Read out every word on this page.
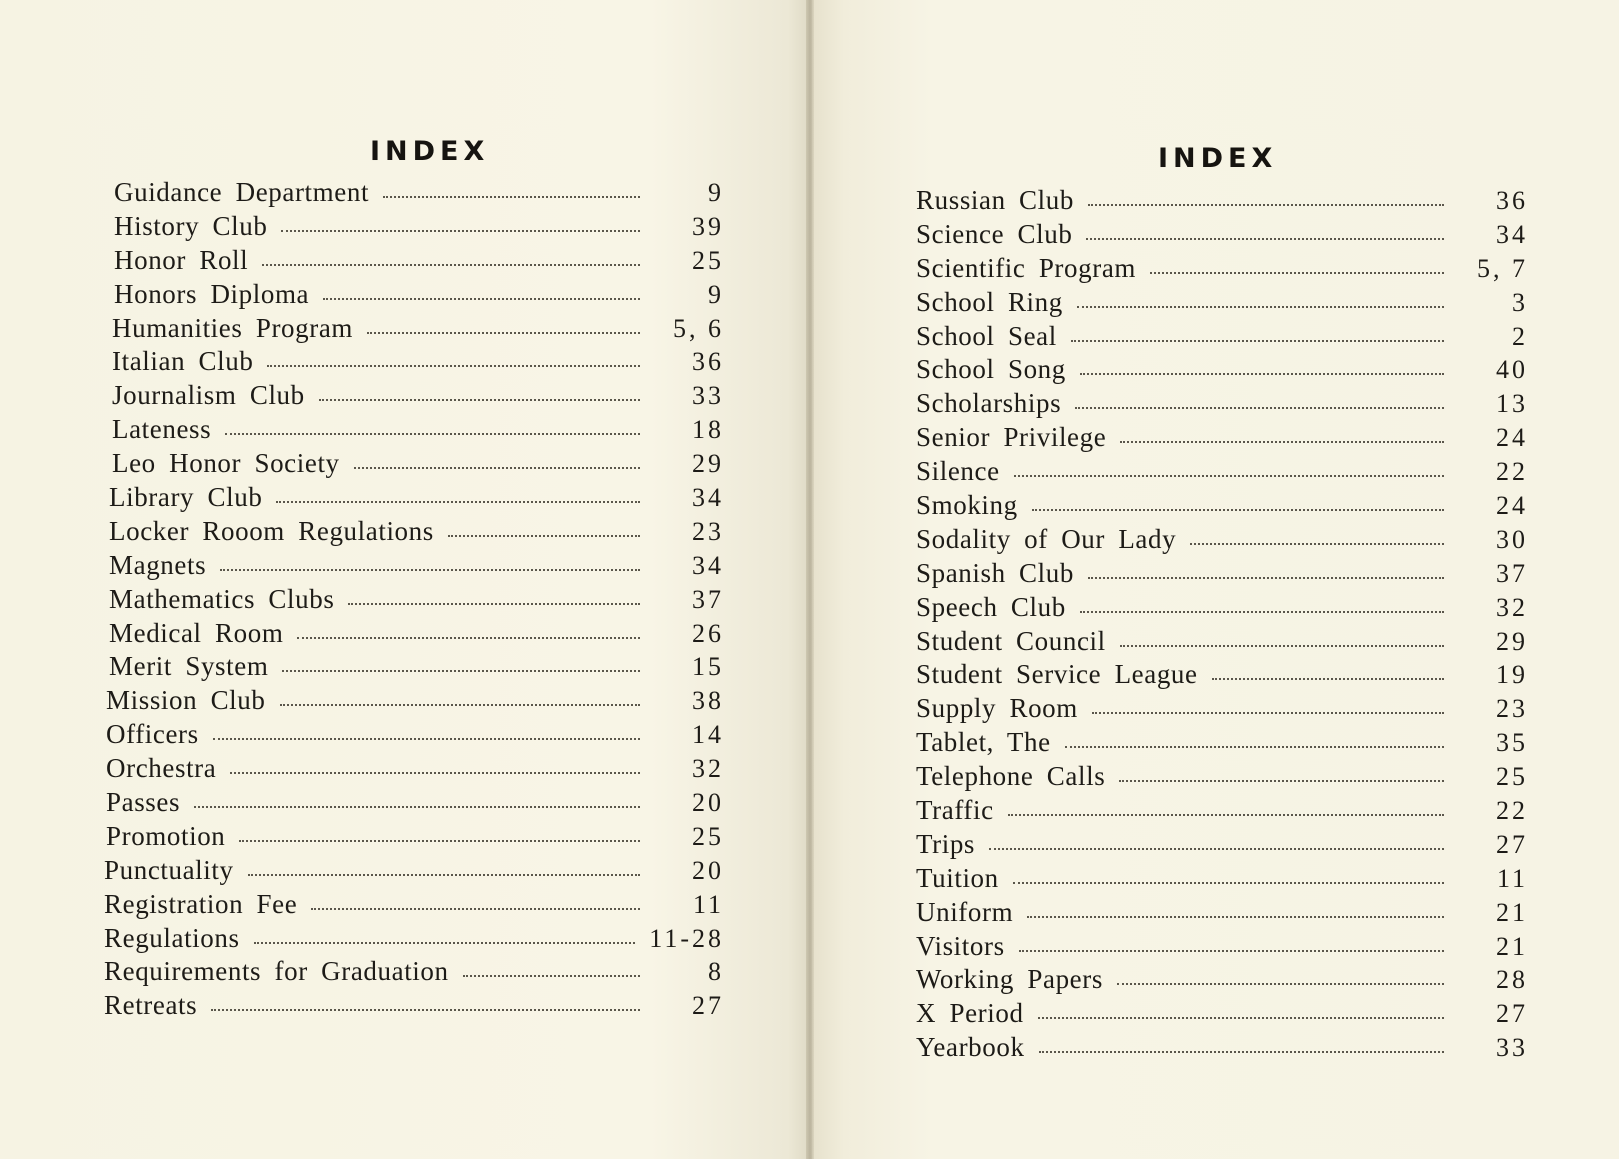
INDEX
Guidance Department	9
History Club	39
Honor Roll	25
Honors Diploma	9
Humanities Program	5, 6
Italian Club	36
Journalism Club	33
Lateness	18
Leo Honor Society	29
Library Club	34
Locker Rooom Regulations	23
Magnets	34
Mathematics Clubs	37
Medical Room	26
Merit System	15
Mission Club	38
Officers	14
Orchestra	32
Passes	20
Promotion	25
Punctuality	20
Registration Fee	11
Regulations	11-28
Requirements for Graduation	8
Retreats	27
INDEX
Russian Club	36
Science Club	34
Scientific Program	5, 7
School Ring	3
School Seal	2
School Song	40
Scholarships	13
Senior Privilege	24
Silence	22
Smoking	24
Sodality of Our Lady	30
Spanish Club	37
Speech Club	32
Student Council	29
Student Service League	19
Supply Room	23
Tablet, The	35
Telephone Calls	25
Traffic	22
Trips	27
Tuition	11
Uniform	21
Visitors	21
Working Papers	28
X Period	27
Yearbook	33
